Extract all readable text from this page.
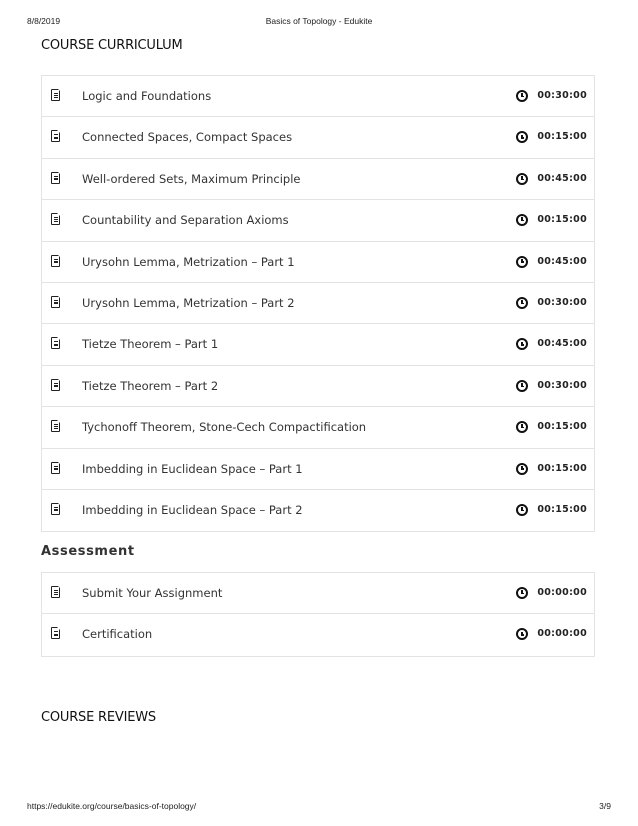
8/8/2019	Basics of Topology - Edukite
COURSE CURRICULUM
Logic and Foundations	00:30:00
Connected Spaces, Compact Spaces	00:15:00
Well-ordered Sets, Maximum Principle	00:45:00
Countability and Separation Axioms	00:15:00
Urysohn Lemma, Metrization – Part 1	00:45:00
Urysohn Lemma, Metrization – Part 2	00:30:00
Tietze Theorem – Part 1	00:45:00
Tietze Theorem – Part 2	00:30:00
Tychonoff Theorem, Stone-Cech Compactification	00:15:00
Imbedding in Euclidean Space – Part 1	00:15:00
Imbedding in Euclidean Space – Part 2	00:15:00
Assessment
Submit Your Assignment	00:00:00
Certification	00:00:00
COURSE REVIEWS
https://edukite.org/course/basics-of-topology/	3/9
